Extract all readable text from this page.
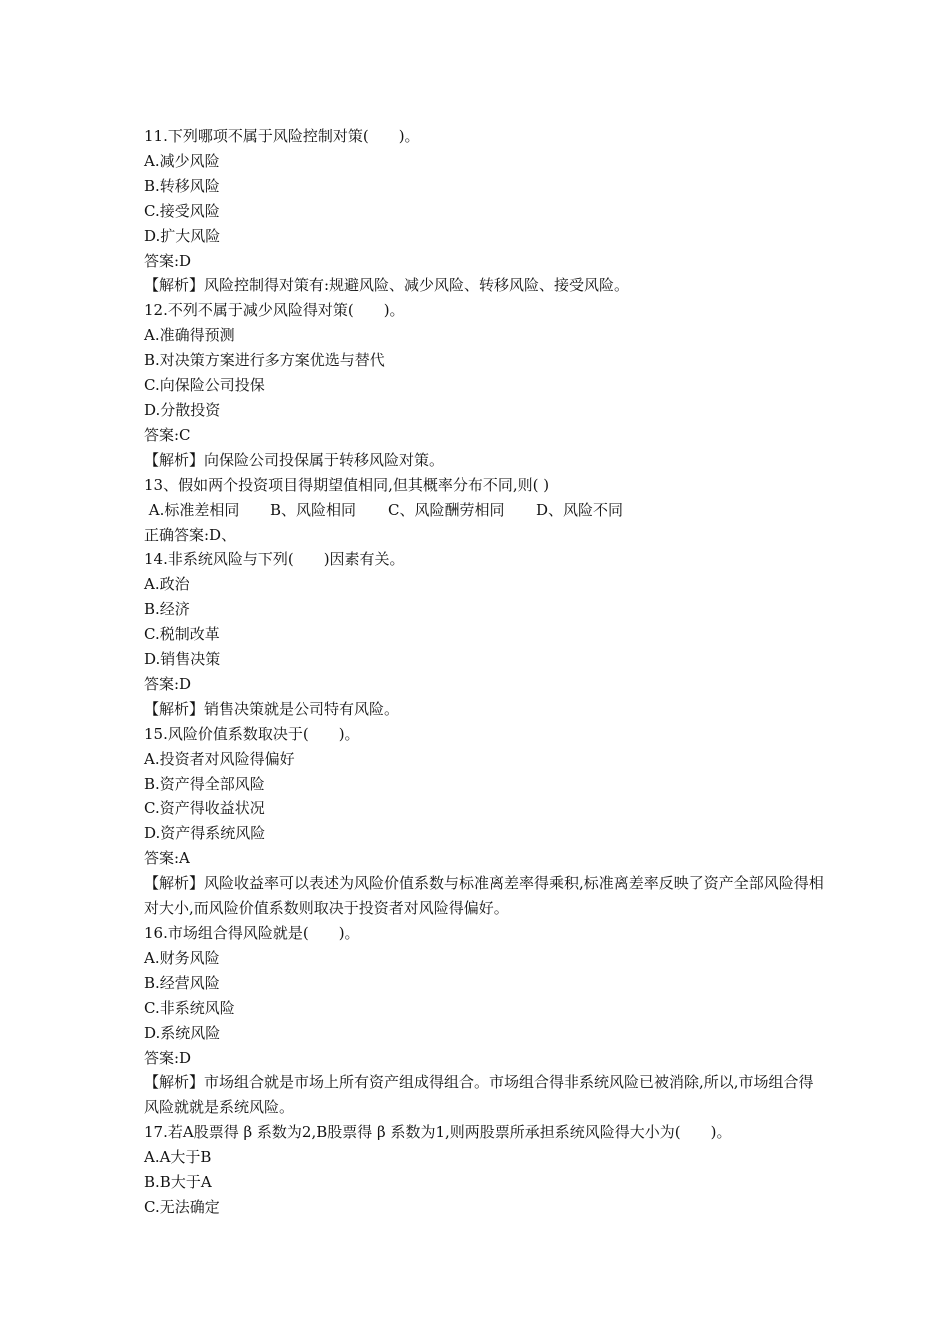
11.下列哪项不属于风险控制对策(　　)。
A.减少风险
B.转移风险
C.接受风险
D.扩大风险
答案:D
【解析】风险控制得对策有:规避风险、减少风险、转移风险、接受风险。
12.不列不属于减少风险得对策(　　)。
A.准确得预测
B.对决策方案进行多方案优选与替代
C.向保险公司投保
D.分散投资
答案:C
【解析】向保险公司投保属于转移风险对策。
13、假如两个投资项目得期望值相同,但其概率分布不同,则( )
A.标准差相同 B、风险相同 C、风险酬劳相同 D、风险不同
正确答案:D、
14.非系统风险与下列(　　)因素有关。
A.政治
B.经济
C.税制改革
D.销售决策
答案:D
【解析】销售决策就是公司特有风险。
15.风险价值系数取决于(　　)。
A.投资者对风险得偏好
B.资产得全部风险
C.资产得收益状况
D.资产得系统风险
答案:A
【解析】风险收益率可以表述为风险价值系数与标准离差率得乘积,标准离差率反映了资产全部风险得相对大小,而风险价值系数则取决于投资者对风险得偏好。
16.市场组合得风险就是(　　)。
A.财务风险
B.经营风险
C.非系统风险
D.系统风险
答案:D
【解析】市场组合就是市场上所有资产组成得组合。市场组合得非系统风险已被消除,所以,市场组合得风险就就是系统风险。
17.若A股票得 β 系数为2,B股票得 β 系数为1,则两股票所承担系统风险得大小为(　　)。
A.A大于B
B.B大于A
C.无法确定
